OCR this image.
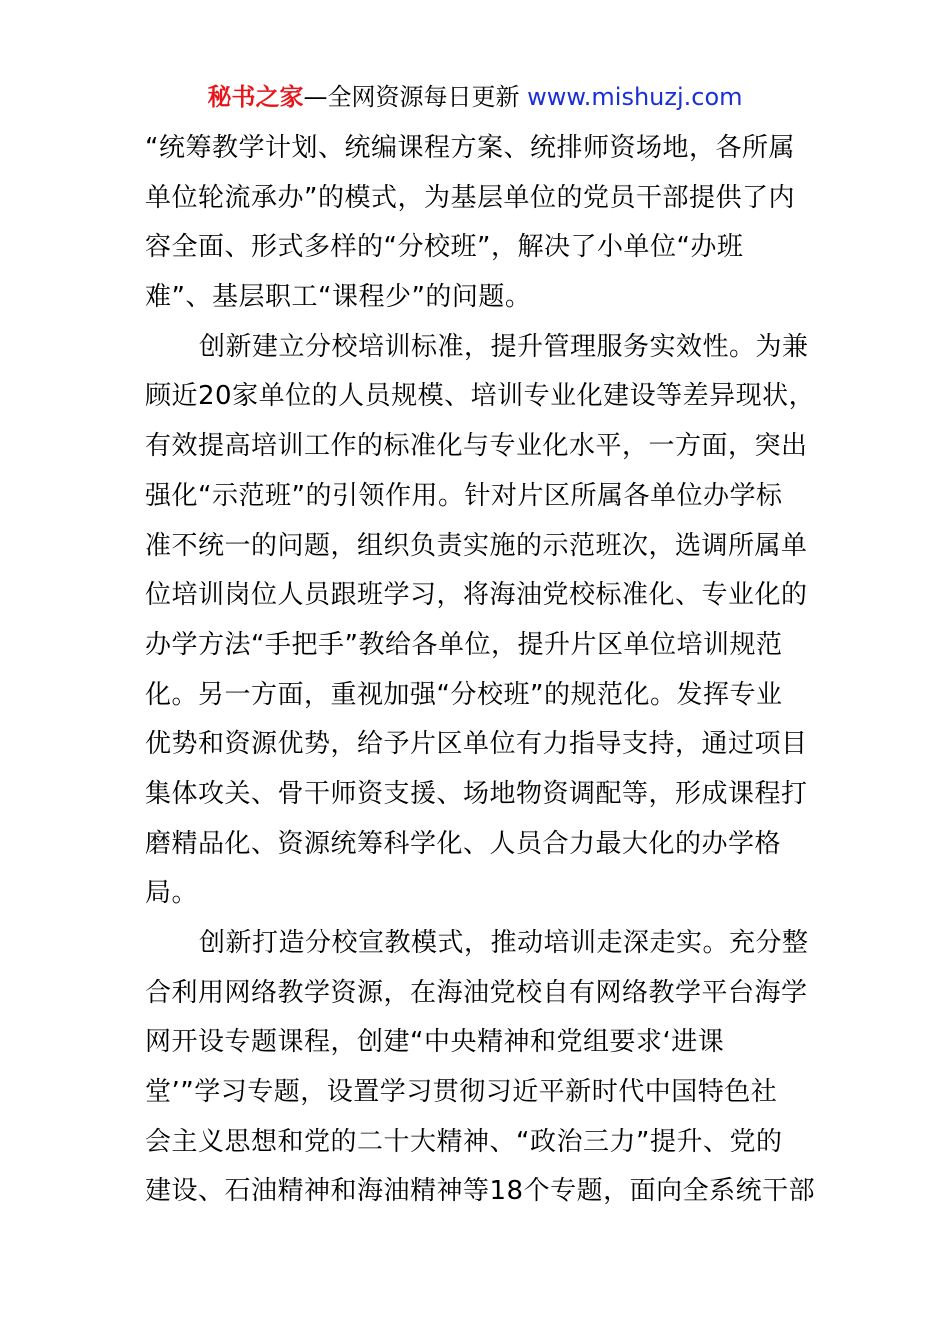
秘书之家—全网资源每日更新 www.mishuzj.com
“统筹教学计划、统编课程方案、统排师资场地，各所属
单位轮流承办”的模式，为基层单位的党员干部提供了内
容全面、形式多样的“分校班”，解决了小单位“办班
难”、基层职工“课程少”的问题。
创新建立分校培训标准，提升管理服务实效性。为兼
顾近20家单位的人员规模、培训专业化建设等差异现状，
有效提高培训工作的标准化与专业化水平，一方面，突出
强化“示范班”的引领作用。针对片区所属各单位办学标
准不统一的问题，组织负责实施的示范班次，选调所属单
位培训岗位人员跟班学习，将海油党校标准化、专业化的
办学方法“手把手”教给各单位，提升片区单位培训规范
化。另一方面，重视加强“分校班”的规范化。发挥专业
优势和资源优势，给予片区单位有力指导支持，通过项目
集体攻关、骨干师资支援、场地物资调配等，形成课程打
磨精品化、资源统筹科学化、人员合力最大化的办学格
局。
创新打造分校宣教模式，推动培训走深走实。充分整
合利用网络教学资源，在海油党校自有网络教学平台海学
网开设专题课程，创建“中央精神和党组要求‘进课
堂’”学习专题，设置学习贯彻习近平新时代中国特色社
会主义思想和党的二十大精神、“政治三力”提升、党的
建设、石油精神和海油精神等18个专题，面向全系统干部
